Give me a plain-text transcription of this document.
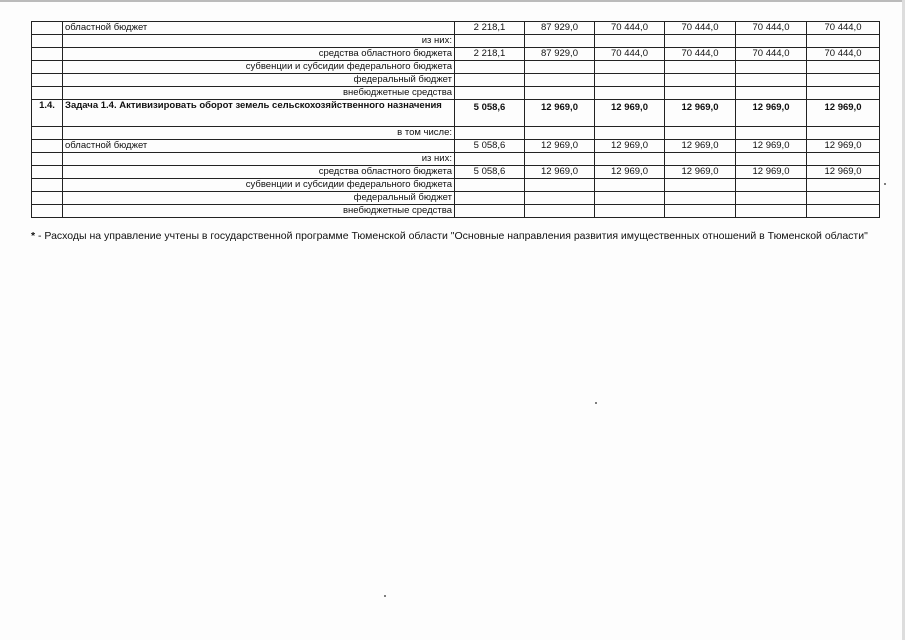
	областной бюджет	2 218,1	87 929,0	70 444,0	70 444,0	70 444,0	70 444,0
	из них:						
	средства областного бюджета	2 218,1	87 929,0	70 444,0	70 444,0	70 444,0	70 444,0
	субвенции и субсидии федерального бюджета						
	федеральный бюджет						
	внебюджетные средства						
1.4.	Задача 1.4. Активизировать оборот земель сельскохозяйственного назначения	5 058,6	12 969,0	12 969,0	12 969,0	12 969,0	12 969,0
	в том числе:						
	областной бюджет	5 058,6	12 969,0	12 969,0	12 969,0	12 969,0	12 969,0
	из них:						
	средства областного бюджета	5 058,6	12 969,0	12 969,0	12 969,0	12 969,0	12 969,0
	субвенции и субсидии федерального бюджета						
	федеральный бюджет						
	внебюджетные средства						
* - Расходы на управление учтены в государственной программе Тюменской области "Основные направления развития имущественных отношений в Тюменской области"
